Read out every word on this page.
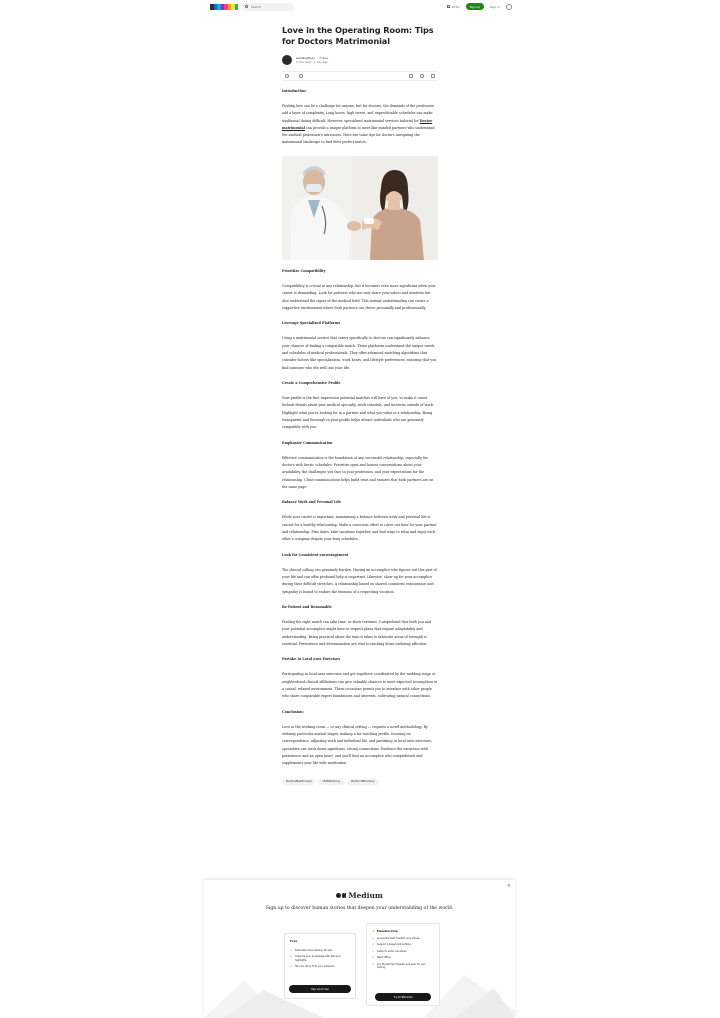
Search	Write	Sign up	Sign in
Love in the Operating Room: Tips for Doctors Matrimonial
weddingfindy · Follow
3 min read · 1 day ago
Introduction:

Finding love can be a challenge for anyone, but for doctors, the demands of the profession add a layer of complexity. Long hours, high stress, and unpredictable schedules can make traditional dating difficult. However, specialized matrimonial services tailored for Doctor matrimonial can provide a unique platform to meet like-minded partners who understand the medical profession's intricacies. Here are some tips for doctors navigating the matrimonial landscape to find their perfect match.

Prioritize Compatibility

Compatibility is crucial in any relationship, but it becomes even more significant when your career is demanding. Look for partners who not only share your values and interests but also understand the rigors of the medical field. This mutual understanding can create a supportive environment where both partners can thrive personally and professionally.

Leverage Specialized Platforms

Using a matrimonial service that caters specifically to doctors can significantly enhance your chances of finding a compatible match. These platforms understand the unique needs and schedules of medical professionals. They offer advanced matching algorithms that consider factors like specialization, work hours, and lifestyle preferences, ensuring that you find someone who fits well into your life.

Create a Comprehensive Profile

Your profile is the first impression potential matches will have of you, so make it count. Include details about your medical specialty, work schedule, and interests outside of work. Highlight what you're looking for in a partner and what you value in a relationship. Being transparent and thorough in your profile helps attract individuals who are genuinely compatible with you.

Emphasize Communication

Effective communication is the foundation of any successful relationship, especially for doctors with hectic schedules. Prioritize open and honest conversations about your availability, the challenges you face in your profession, and your expectations for the relationship. Clear communication helps build trust and ensures that both partners are on the same page.

Balance Work and Personal Life

While your career is important, maintaining a balance between work and personal life is crucial for a healthy relationship. Make a conscious effort to carve out time for your partner and relationship. Plan dates, take vacations together, and find ways to relax and enjoy each other's company despite your busy schedules.

Look for Consistent encouragement

The clinical calling can genuinely burden. Having an accomplice who figures out this part of your life and can offer profound help is important. Likewise, show up for your accomplice during their difficult stretches. A relationship based on shared consistent reassurance and sympathy is bound to endure the tensions of a requesting vocation.

Be Patient and Reasonable

Finding the right match can take time, so show restraint. Comprehend that both you and your potential accomplice might have to request plans that require adaptability and understanding. Being practical about the time it takes to fabricate areas of strength is essential. Persistence and determination are vital to tracking down enduring affection.

Partake in Local area Exercises

Participating in local area exercises and get-togethers coordinated by the wedding stage or neighborhood clinical affiliations can give valuable chances to meet expected accomplices in a casual, relaxed environment. These occasions permit you to interface with other people who share comparable expert foundations and interests, cultivating natural connections.

Conclusion:

Love in the working room — or any clinical setting — requires a novel methodology. By utilizing particular marital stages, making a far reaching profile, focusing on correspondence, adjusting work and individual life, and partaking in local area exercises, specialists can track down significant, strong connections. Embrace the excursion with persistence and an open heart, and you'll find an accomplice who comprehends and supplements your life with medication.

DoctorsMatrimonial	OnMatrimony	Doctor Matrimony
×
Medium
Sign up to discover human stories that deepen your understanding of the world.
Free
✓ Distraction-free reading. No ads.
✓ Organize your knowledge with lists and highlights.
✓ Tell your story. Find your audience.
Sign up for free
★ Membership
✓ Access the best member-only stories.
✓ Support independent authors.
✓ Listen to audio narrations.
✓ Read offline.
✓ Join the Partner Program and earn for your writing.
Try for $5/month
